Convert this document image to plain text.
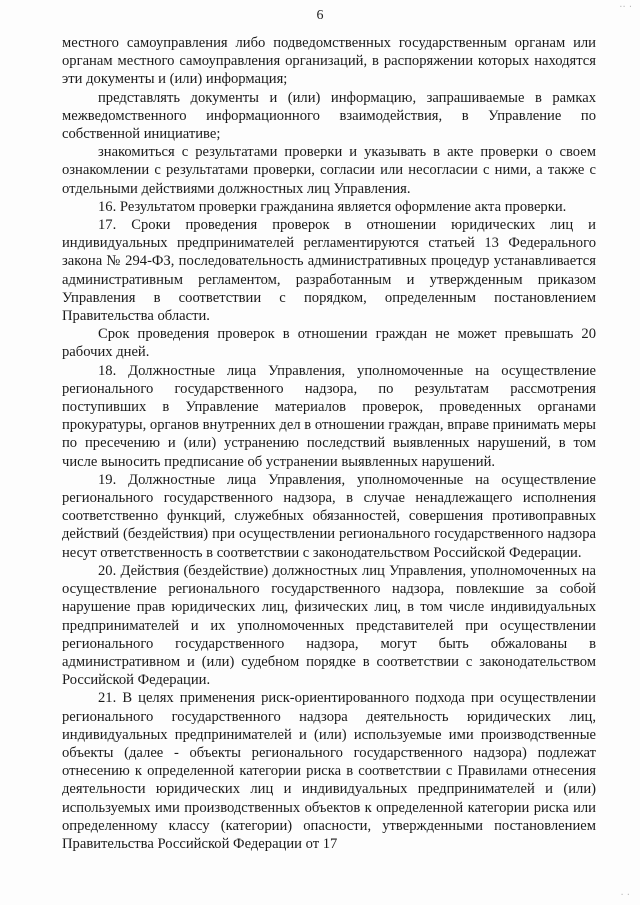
6

местного самоуправления либо подведомственных государственным органам или органам местного самоуправления организаций, в распоряжении которых находятся эти документы и (или) информация;

представлять документы и (или) информацию, запрашиваемые в рамках межведомственного информационного взаимодействия, в Управление по собственной инициативе;

знакомиться с результатами проверки и указывать в акте проверки о своем ознакомлении с результатами проверки, согласии или несогласии с ними, а также с отдельными действиями должностных лиц Управления.

16. Результатом проверки гражданина является оформление акта проверки.

17. Сроки проведения проверок в отношении юридических лиц и индивидуальных предпринимателей регламентируются статьей 13 Федерального закона № 294-ФЗ, последовательность административных процедур устанавливается административным регламентом, разработанным и утвержденным приказом Управления в соответствии с порядком, определенным постановлением Правительства области.

Срок проведения проверок в отношении граждан не может превышать 20 рабочих дней.

18. Должностные лица Управления, уполномоченные на осуществление регионального государственного надзора, по результатам рассмотрения поступивших в Управление материалов проверок, проведенных органами прокуратуры, органов внутренних дел в отношении граждан, вправе принимать меры по пресечению и (или) устранению последствий выявленных нарушений, в том числе выносить предписание об устранении выявленных нарушений.

19. Должностные лица Управления, уполномоченные на осуществление регионального государственного надзора, в случае ненадлежащего исполнения соответственно функций, служебных обязанностей, совершения противоправных действий (бездействия) при осуществлении регионального государственного надзора несут ответственность в соответствии с законодательством Российской Федерации.

20. Действия (бездействие) должностных лиц Управления, уполномоченных на осуществление регионального государственного надзора, повлекшие за собой нарушение прав юридических лиц, физических лиц, в том числе индивидуальных предпринимателей и их уполномоченных представителей при осуществлении регионального государственного надзора, могут быть обжалованы в административном и (или) судебном порядке в соответствии с законодательством Российской Федерации.

21. В целях применения риск-ориентированного подхода при осуществлении регионального государственного надзора деятельность юридических лиц, индивидуальных предпринимателей и (или) используемые ими производственные объекты (далее - объекты регионального государственного надзора) подлежат отнесению к определенной категории риска в соответствии с Правилами отнесения деятельности юридических лиц и индивидуальных предпринимателей и (или) используемых ими производственных объектов к определенной категории риска или определенному классу (категории) опасности, утвержденными постановлением Правительства Российской Федерации от 17

·· ·
· ·
